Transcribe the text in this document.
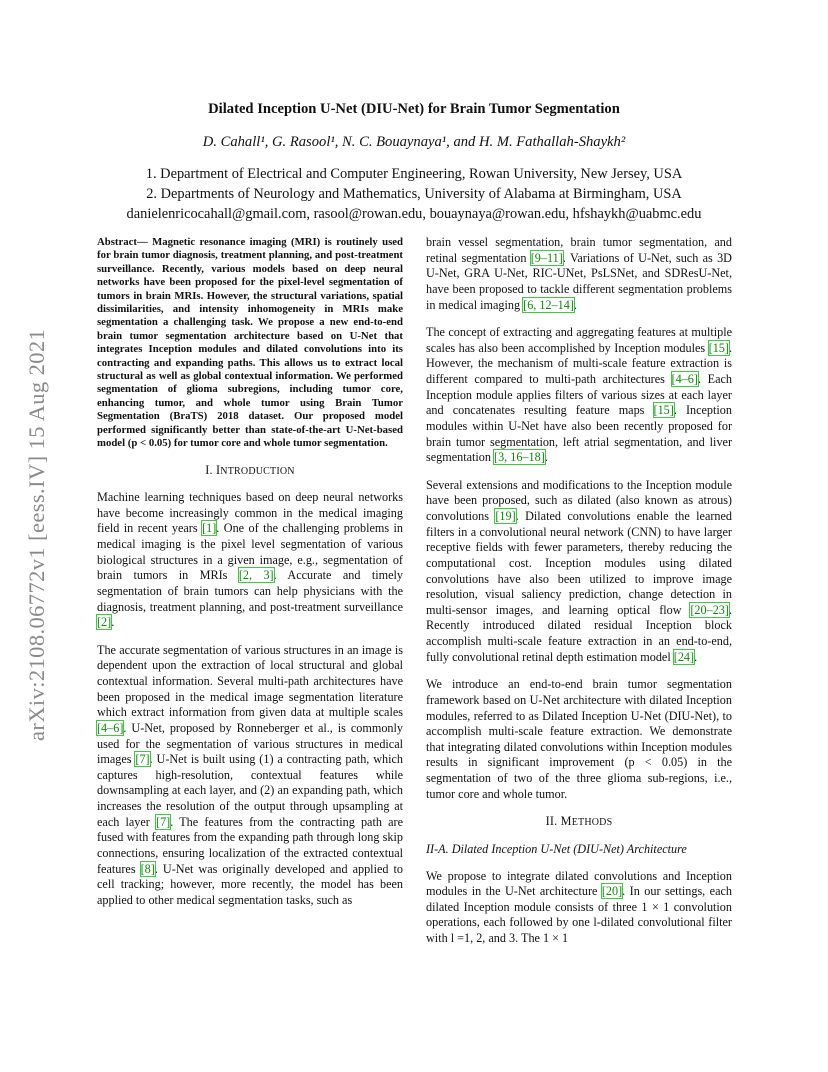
arXiv:2108.06772v1 [eess.IV] 15 Aug 2021
Dilated Inception U-Net (DIU-Net) for Brain Tumor Segmentation
D. Cahall¹, G. Rasool¹, N. C. Bouaynaya¹, and H. M. Fathallah-Shaykh²
1. Department of Electrical and Computer Engineering, Rowan University, New Jersey, USA
2. Departments of Neurology and Mathematics, University of Alabama at Birmingham, USA
danielenricocahall@gmail.com, rasool@rowan.edu, bouaynaya@rowan.edu, hfshaykh@uabmc.edu

Abstract— Magnetic resonance imaging (MRI) is routinely used for brain tumor diagnosis, treatment planning, and post-treatment surveillance. Recently, various models based on deep neural networks have been proposed for the pixel-level segmentation of tumors in brain MRIs. However, the structural variations, spatial dissimilarities, and intensity inhomogeneity in MRIs make segmentation a challenging task. We propose a new end-to-end brain tumor segmentation architecture based on U-Net that integrates Inception modules and dilated convolutions into its contracting and expanding paths. This allows us to extract local structural as well as global contextual information. We performed segmentation of glioma subregions, including tumor core, enhancing tumor, and whole tumor using Brain Tumor Segmentation (BraTS) 2018 dataset. Our proposed model performed significantly better than state-of-the-art U-Net-based model (p < 0.05) for tumor core and whole tumor segmentation.

I. INTRODUCTION

Machine learning techniques based on deep neural networks have become increasingly common in the medical imaging field in recent years [1]. One of the challenging problems in medical imaging is the pixel level segmentation of various biological structures in a given image, e.g., segmentation of brain tumors in MRIs [2, 3]. Accurate and timely segmentation of brain tumors can help physicians with the diagnosis, treatment planning, and post-treatment surveillance [2].

The accurate segmentation of various structures in an image is dependent upon the extraction of local structural and global contextual information. Several multi-path architectures have been proposed in the medical image segmentation literature which extract information from given data at multiple scales [4–6]. U-Net, proposed by Ronneberger et al., is commonly used for the segmentation of various structures in medical images [7]. U-Net is built using (1) a contracting path, which captures high-resolution, contextual features while downsampling at each layer, and (2) an expanding path, which increases the resolution of the output through upsampling at each layer [7]. The features from the contracting path are fused with features from the expanding path through long skip connections, ensuring localization of the extracted contextual features [8]. U-Net was originally developed and applied to cell tracking; however, more recently, the model has been applied to other medical segmentation tasks, such as

brain vessel segmentation, brain tumor segmentation, and retinal segmentation [9–11]. Variations of U-Net, such as 3D U-Net, GRA U-Net, RIC-UNet, PsLSNet, and SDResU-Net, have been proposed to tackle different segmentation problems in medical imaging [6, 12–14].

The concept of extracting and aggregating features at multiple scales has also been accomplished by Inception modules [15]. However, the mechanism of multi-scale feature extraction is different compared to multi-path architectures [4–6]. Each Inception module applies filters of various sizes at each layer and concatenates resulting feature maps [15]. Inception modules within U-Net have also been recently proposed for brain tumor segmentation, left atrial segmentation, and liver segmentation [3, 16–18].

Several extensions and modifications to the Inception module have been proposed, such as dilated (also known as atrous) convolutions [19]. Dilated convolutions enable the learned filters in a convolutional neural network (CNN) to have larger receptive fields with fewer parameters, thereby reducing the computational cost. Inception modules using dilated convolutions have also been utilized to improve image resolution, visual saliency prediction, change detection in multi-sensor images, and learning optical flow [20–23]. Recently introduced dilated residual Inception block accomplish multi-scale feature extraction in an end-to-end, fully convolutional retinal depth estimation model [24].

We introduce an end-to-end brain tumor segmentation framework based on U-Net architecture with dilated Inception modules, referred to as Dilated Inception U-Net (DIU-Net), to accomplish multi-scale feature extraction. We demonstrate that integrating dilated convolutions within Inception modules results in significant improvement (p < 0.05) in the segmentation of two of the three glioma sub-regions, i.e., tumor core and whole tumor.

II. METHODS

II-A. Dilated Inception U-Net (DIU-Net) Architecture

We propose to integrate dilated convolutions and Inception modules in the U-Net architecture [20]. In our settings, each dilated Inception module consists of three 1 × 1 convolution operations, each followed by one l-dilated convolutional filter with l =1, 2, and 3. The 1 × 1
